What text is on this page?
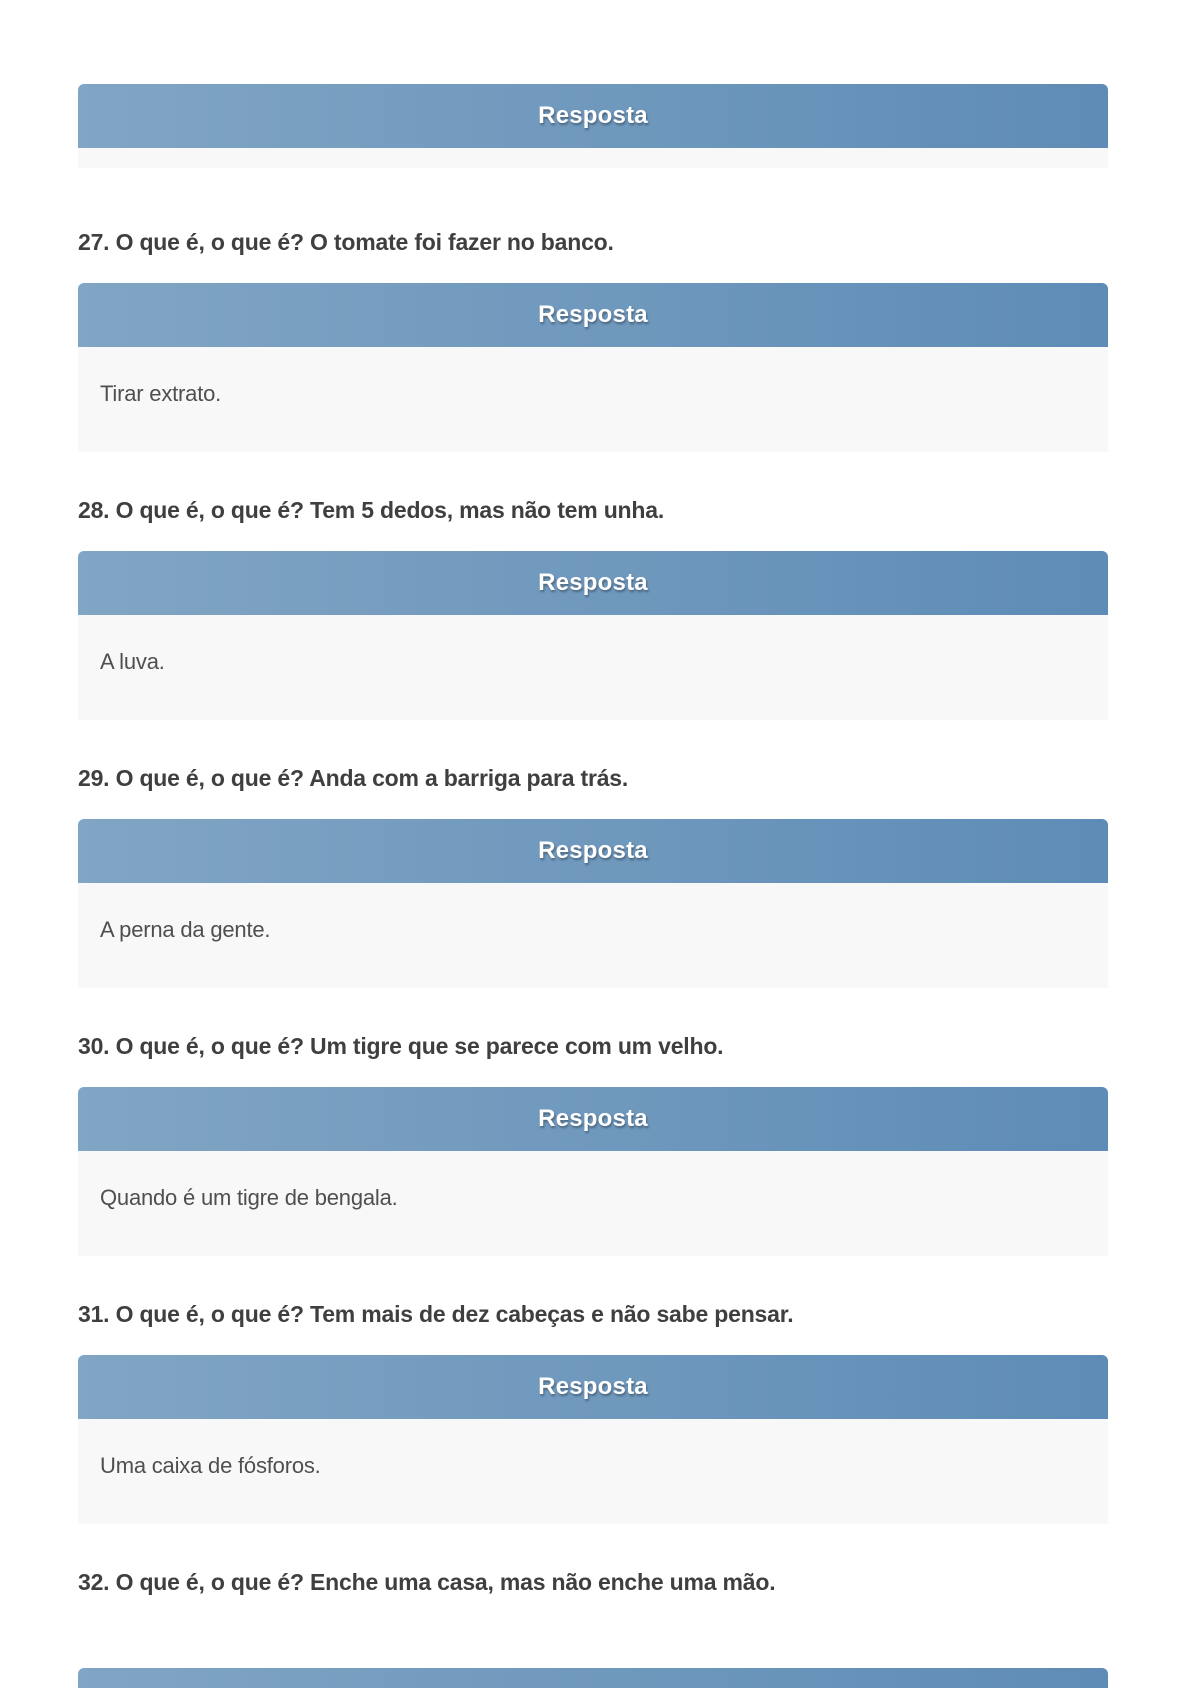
Resposta

27. O que é, o que é? O tomate foi fazer no banco.

Resposta

Tirar extrato.

28. O que é, o que é? Tem 5 dedos, mas não tem unha.

Resposta

A luva.

29. O que é, o que é? Anda com a barriga para trás.

Resposta

A perna da gente.

30. O que é, o que é? Um tigre que se parece com um velho.

Resposta

Quando é um tigre de bengala.

31. O que é, o que é? Tem mais de dez cabeças e não sabe pensar.

Resposta

Uma caixa de fósforos.

32. O que é, o que é? Enche uma casa, mas não enche uma mão.
